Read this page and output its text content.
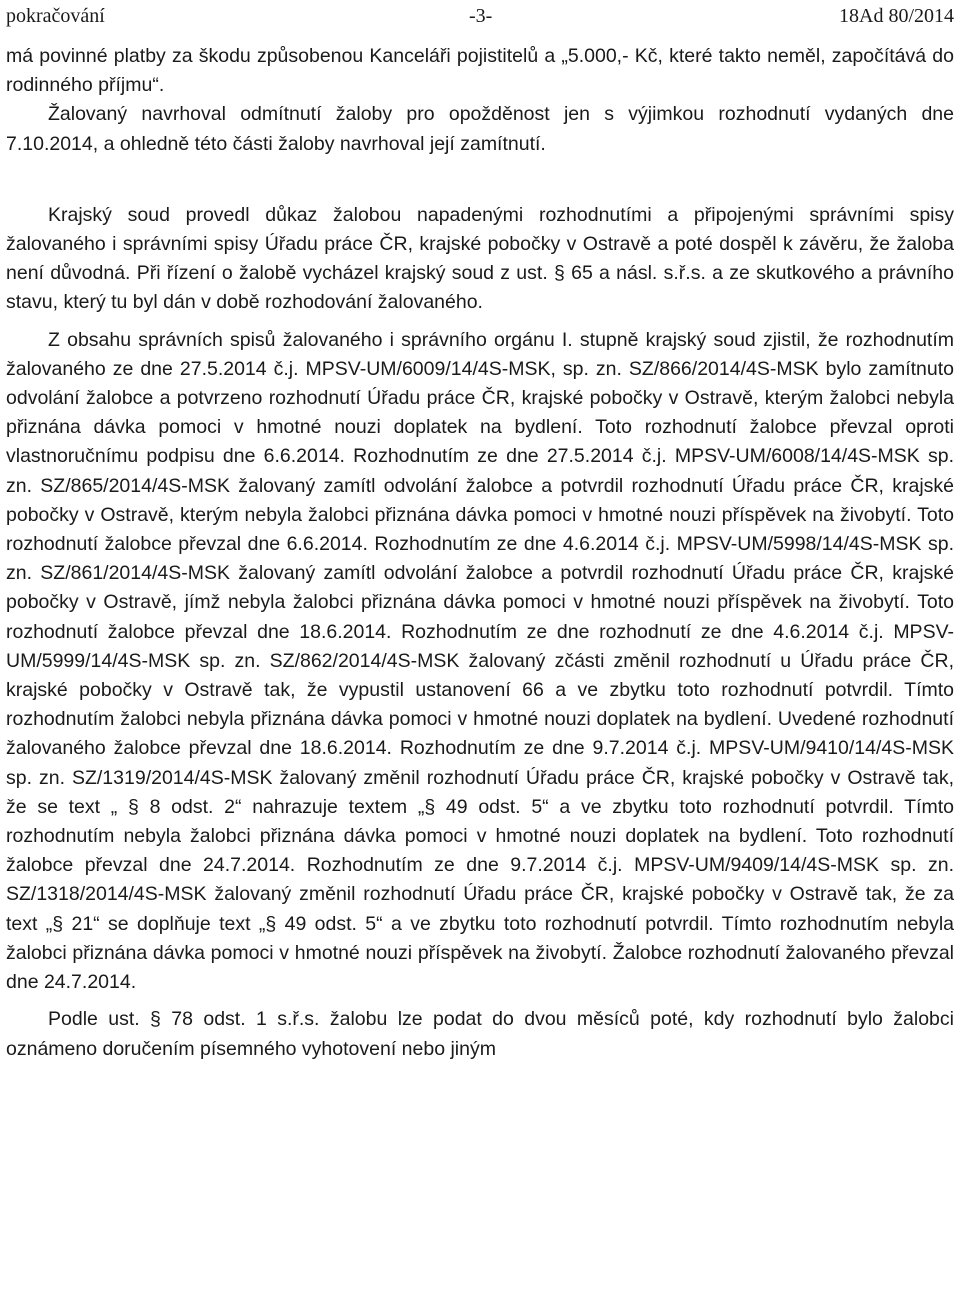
pokračování	-3-	18Ad 80/2014

má povinné platby za škodu způsobenou Kanceláři pojistitelů a „5.000,- Kč, které takto neměl, započítává do rodinného příjmu“.

Žalovaný navrhoval odmítnutí žaloby pro opožděnost jen s výjimkou rozhodnutí vydaných dne 7.10.2014, a ohledně této části žaloby navrhoval její zamítnutí.

Krajský soud provedl důkaz žalobou napadenými rozhodnutími a připojenými správními spisy žalovaného i správními spisy Úřadu práce ČR, krajské pobočky v Ostravě a poté dospěl k závěru, že žaloba není důvodná. Při řízení o žalobě vycházel krajský soud z ust. § 65 a násl. s.ř.s. a ze skutkového a právního stavu, který tu byl dán v době rozhodování žalovaného.

Z obsahu správních spisů žalovaného i správního orgánu I. stupně krajský soud zjistil, že rozhodnutím žalovaného ze dne 27.5.2014 č.j. MPSV-UM/6009/14/4S-MSK, sp. zn. SZ/866/2014/4S-MSK bylo zamítnuto odvolání žalobce a potvrzeno rozhodnutí Úřadu práce ČR, krajské pobočky v Ostravě, kterým žalobci nebyla přiznána dávka pomoci v hmotné nouzi doplatek na bydlení. Toto rozhodnutí žalobce převzal oproti vlastnoručnímu podpisu dne 6.6.2014. Rozhodnutím ze dne 27.5.2014 č.j. MPSV-UM/6008/14/4S-MSK sp. zn. SZ/865/2014/4S-MSK žalovaný zamítl odvolání žalobce a potvrdil rozhodnutí Úřadu práce ČR, krajské pobočky v Ostravě, kterým nebyla žalobci přiznána dávka pomoci v hmotné nouzi příspěvek na živobytí. Toto rozhodnutí žalobce převzal dne 6.6.2014. Rozhodnutím ze dne 4.6.2014 č.j. MPSV-UM/5998/14/4S-MSK sp. zn. SZ/861/2014/4S-MSK žalovaný zamítl odvolání žalobce a potvrdil rozhodnutí Úřadu práce ČR, krajské pobočky v Ostravě, jímž nebyla žalobci přiznána dávka pomoci v hmotné nouzi příspěvek na živobytí. Toto rozhodnutí žalobce převzal dne 18.6.2014. Rozhodnutím ze dne rozhodnutí ze dne 4.6.2014 č.j. MPSV-UM/5999/14/4S-MSK sp. zn. SZ/862/2014/4S-MSK žalovaný zčásti změnil rozhodnutí u Úřadu práce ČR, krajské pobočky v Ostravě tak, že vypustil ustanovení 66 a ve zbytku toto rozhodnutí potvrdil. Tímto rozhodnutím žalobci nebyla přiznána dávka pomoci v hmotné nouzi doplatek na bydlení. Uvedené rozhodnutí žalovaného žalobce převzal dne 18.6.2014. Rozhodnutím ze dne 9.7.2014 č.j. MPSV-UM/9410/14/4S-MSK sp. zn. SZ/1319/2014/4S-MSK žalovaný změnil rozhodnutí Úřadu práce ČR, krajské pobočky v Ostravě tak, že se text „ § 8 odst. 2“ nahrazuje textem „§ 49 odst. 5“ a ve zbytku toto rozhodnutí potvrdil. Tímto rozhodnutím nebyla žalobci přiznána dávka pomoci v hmotné nouzi doplatek na bydlení. Toto rozhodnutí žalobce převzal dne 24.7.2014. Rozhodnutím ze dne 9.7.2014 č.j. MPSV-UM/9409/14/4S-MSK sp. zn. SZ/1318/2014/4S-MSK žalovaný změnil rozhodnutí Úřadu práce ČR, krajské pobočky v Ostravě tak, že za text „§ 21“ se doplňuje text „§ 49 odst. 5“ a ve zbytku toto rozhodnutí potvrdil. Tímto rozhodnutím nebyla žalobci přiznána dávka pomoci v hmotné nouzi příspěvek na živobytí. Žalobce rozhodnutí žalovaného převzal dne 24.7.2014.

Podle ust. § 78 odst. 1 s.ř.s. žalobu lze podat do dvou měsíců poté, kdy rozhodnutí bylo žalobci oznámeno doručením písemného vyhotovení nebo jiným
